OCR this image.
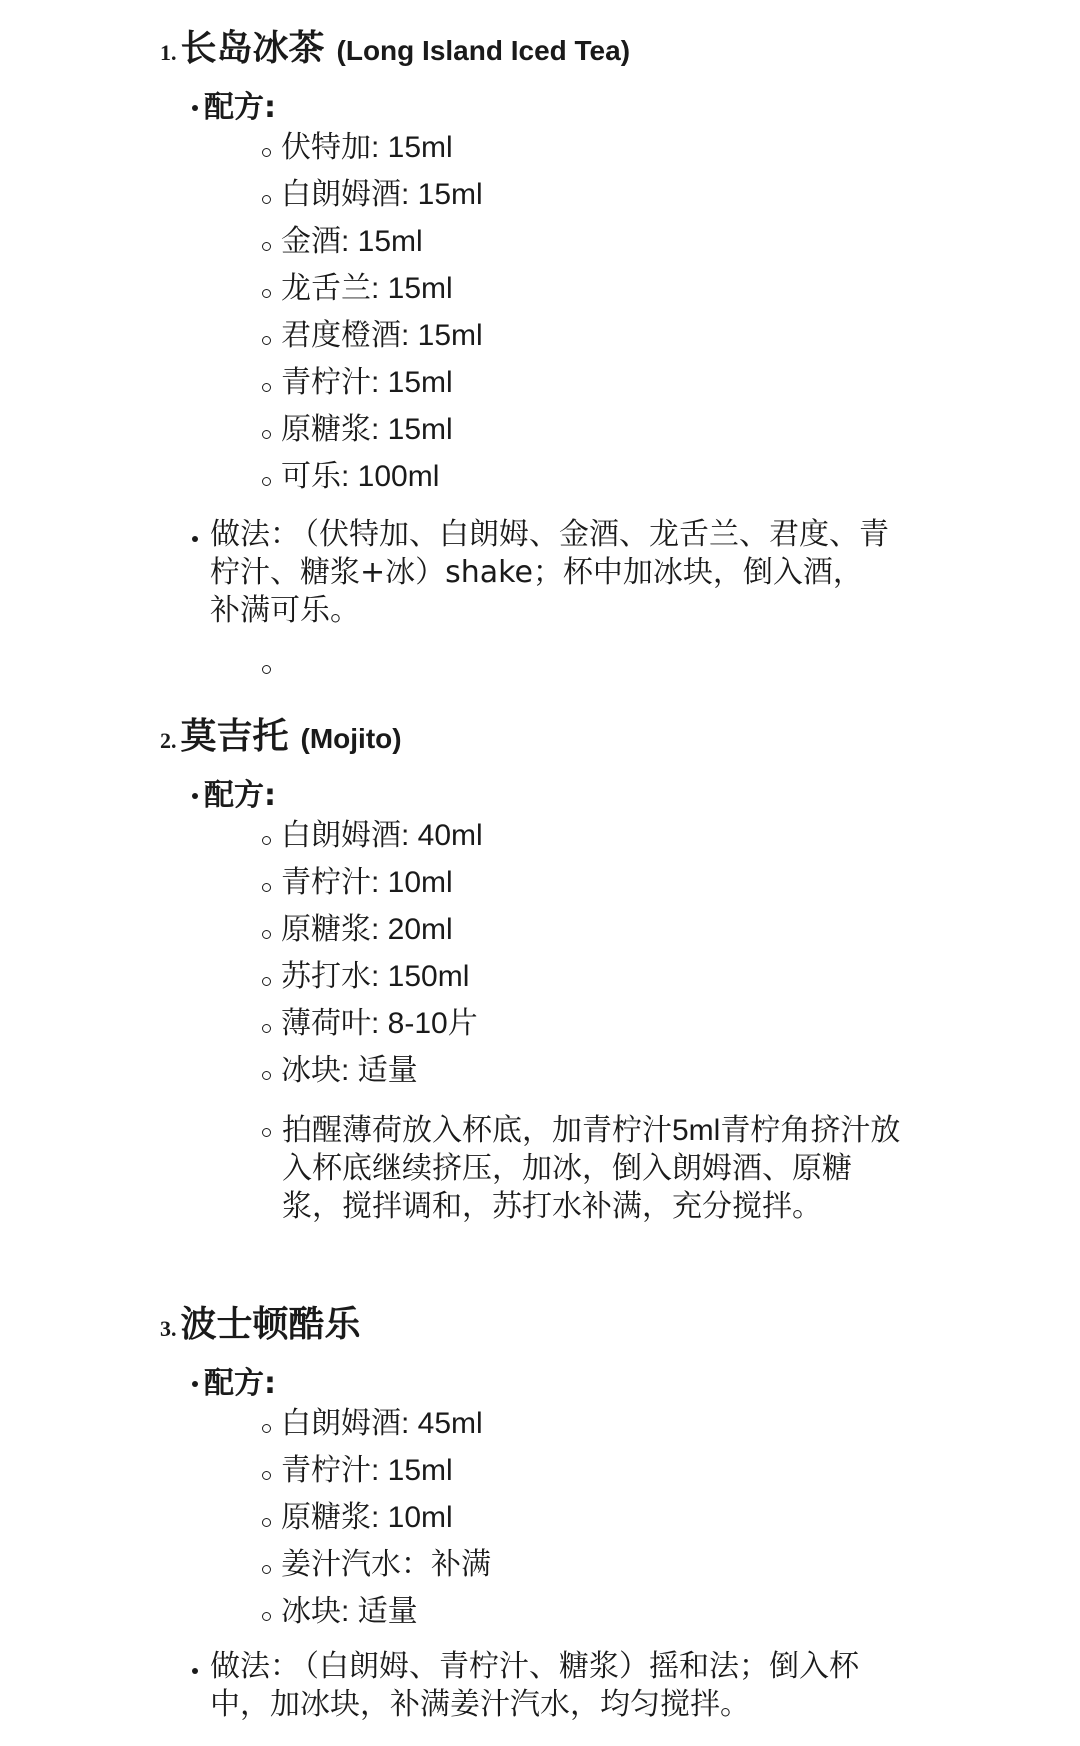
1. 长岛冰茶 (Long Island Iced Tea)
配方 :
伏特加: 15ml
白朗姆酒: 15ml
金酒: 15ml
龙舌兰: 15ml
君度橙酒: 15ml
青柠汁: 15ml
原糖浆: 15ml
可乐: 100ml
做法： （伏特加、白朗姆、金酒、龙舌兰、君度、青柠汁、糖浆+冰）shake；杯中加冰块，倒入酒，补满可乐。
2. 莫吉托 (Mojito)
配方 :
白朗姆酒: 40ml
青柠汁: 10ml
原糖浆: 20ml
苏打水: 150ml
薄荷叶: 8-10片
冰块: 适量
拍醒薄荷放入杯底，加青柠汁5ml青柠角挤汁放入杯底继续挤压，加冰，倒入朗姆酒、原糖浆，搅拌调和，苏打水补满，充分搅拌。
3. 波士顿酷乐
配方 :
白朗姆酒: 45ml
青柠汁: 15ml
原糖浆: 10ml
姜汁汽水：补满
冰块: 适量
做法： （白朗姆、青柠汁、糖浆）摇和法；倒入杯中，加冰块，补满姜汁汽水，均匀搅拌。
